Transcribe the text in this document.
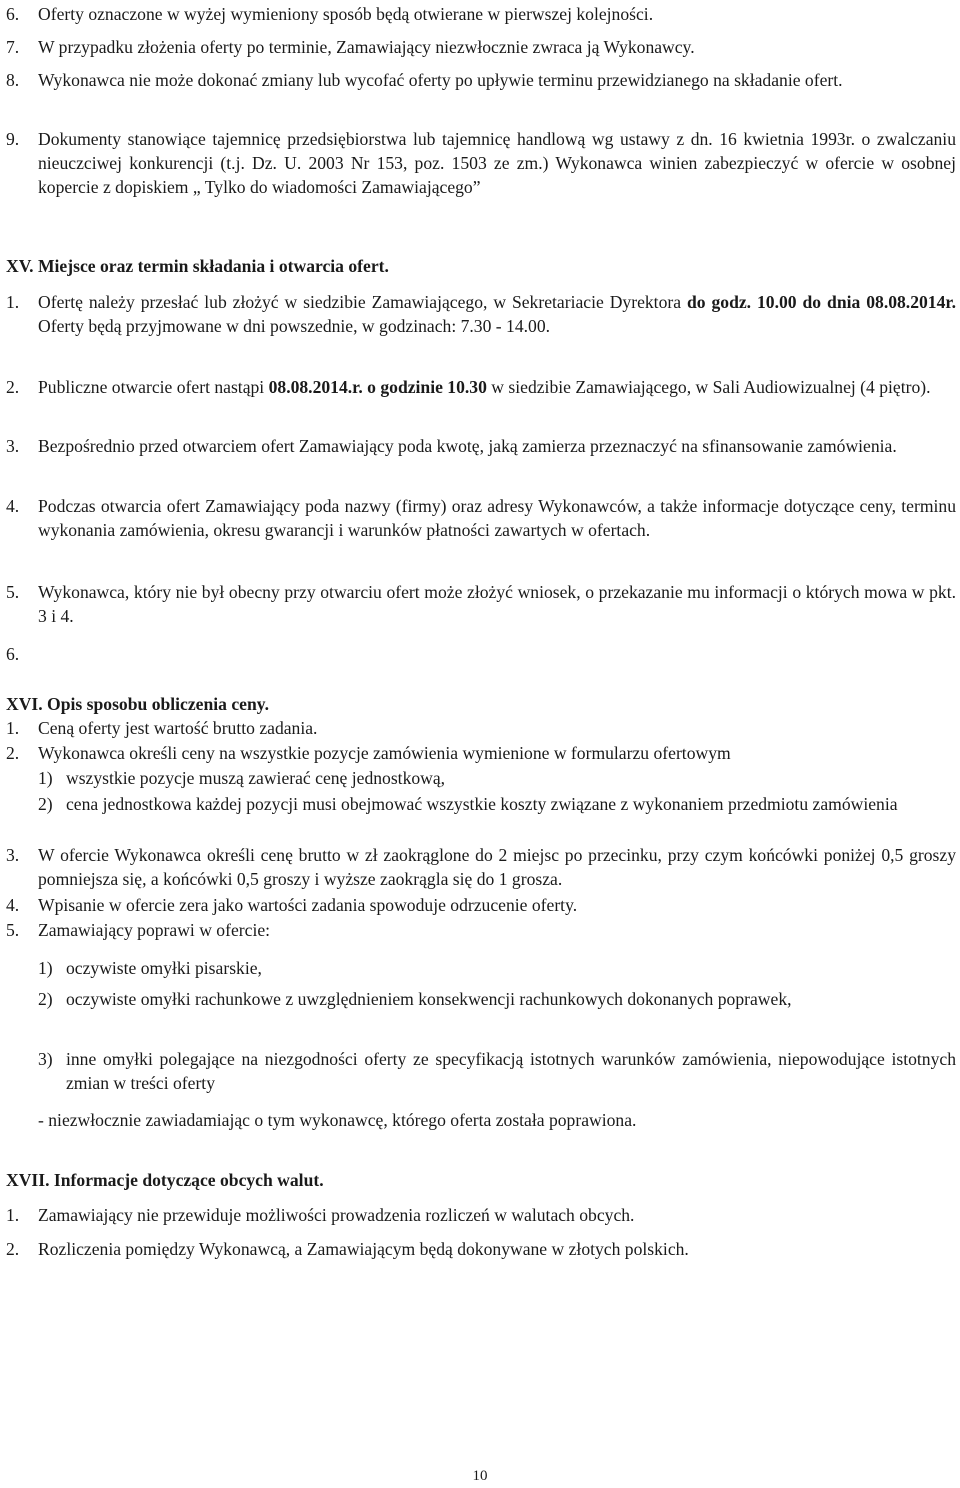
6. Oferty oznaczone w wyżej wymieniony sposób będą otwierane w pierwszej kolejności.
7. W przypadku złożenia oferty po terminie, Zamawiający niezwłocznie zwraca ją Wykonawcy.
8. Wykonawca nie może dokonać zmiany lub wycofać oferty po upływie terminu przewidzianego na składanie ofert.
9. Dokumenty stanowiące tajemnicę przedsiębiorstwa lub tajemnicę handlową wg ustawy z dn. 16 kwietnia 1993r. o zwalczaniu nieuczciwej konkurencji (t.j. Dz. U. 2003 Nr 153, poz. 1503 ze zm.) Wykonawca winien zabezpieczyć w ofercie w osobnej kopercie z dopiskiem „ Tylko do wiadomości Zamawiającego”
XV. Miejsce oraz termin składania i otwarcia ofert.
1. Ofertę należy przesłać lub złożyć w siedzibie Zamawiającego, w Sekretariacie Dyrektora do godz. 10.00 do dnia 08.08.2014r. Oferty będą przyjmowane w dni powszednie, w godzinach: 7.30 - 14.00.
2. Publiczne otwarcie ofert nastąpi 08.08.2014.r. o godzinie 10.30 w siedzibie Zamawiającego, w Sali Audiowizualnej (4 piętro).
3. Bezpośrednio przed otwarciem ofert Zamawiający poda kwotę, jaką zamierza przeznaczyć na sfinansowanie zamówienia.
4. Podczas otwarcia ofert Zamawiający poda nazwy (firmy) oraz adresy Wykonawców, a także informacje dotyczące ceny, terminu wykonania zamówienia, okresu gwarancji i warunków płatności zawartych w ofertach.
5. Wykonawca, który nie był obecny przy otwarciu ofert może złożyć wniosek, o przekazanie mu informacji o których mowa w pkt. 3 i 4.
6.
XVI. Opis sposobu obliczenia ceny.
1. Ceną oferty jest wartość brutto zadania.
2. Wykonawca określi ceny na wszystkie pozycje zamówienia wymienione w formularzu ofertowym
1) wszystkie pozycje muszą zawierać cenę jednostkową,
2) cena jednostkowa każdej pozycji musi obejmować wszystkie koszty związane z wykonaniem przedmiotu zamówienia
3. W ofercie Wykonawca określi cenę brutto w zł zaokrąglone do 2 miejsc po przecinku, przy czym końcówki poniżej 0,5 groszy pomniejsza się, a końcówki 0,5 groszy i wyższe zaokrągla się do 1 grosza.
4. Wpisanie w ofercie zera jako wartości zadania spowoduje odrzucenie oferty.
5. Zamawiający poprawi w ofercie:
1) oczywiste omyłki pisarskie,
2) oczywiste omyłki rachunkowe z uwzględnieniem konsekwencji rachunkowych dokonanych poprawek,
3) inne omyłki polegające na niezgodności oferty ze specyfikacją istotnych warunków zamówienia, niepowodujące istotnych zmian w treści oferty
- niezwłocznie zawiadamiając o tym wykonawcę, którego oferta została poprawiona.
XVII. Informacje dotyczące obcych walut.
1. Zamawiający nie przewiduje możliwości prowadzenia rozliczeń w walutach obcych.
2. Rozliczenia pomiędzy Wykonawcą, a Zamawiającym będą dokonywane w złotych polskich.
10
